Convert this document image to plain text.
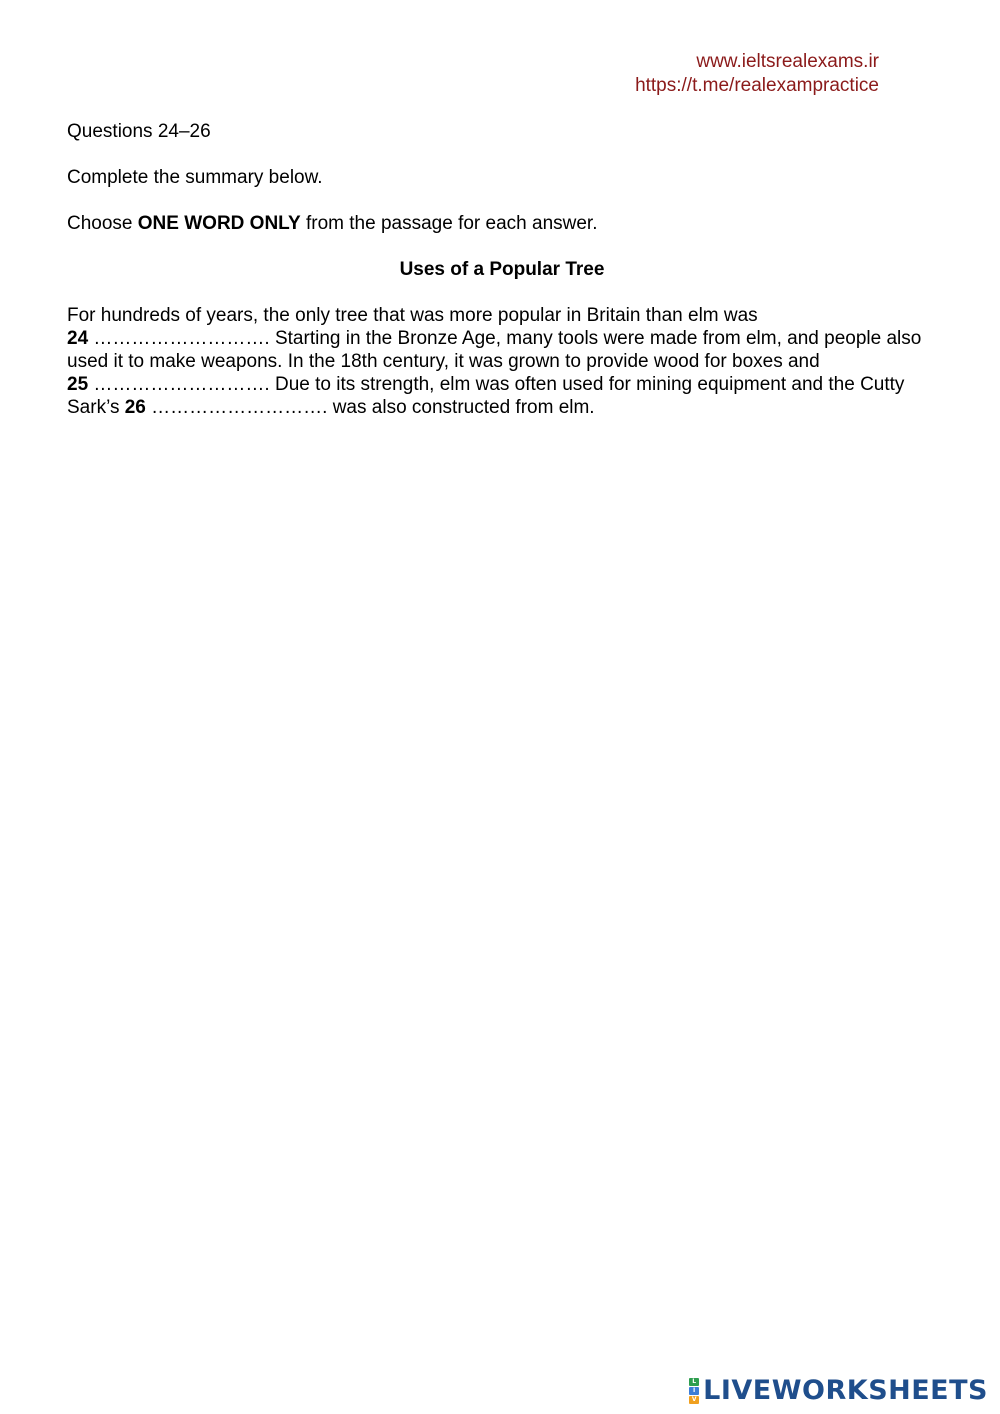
www.ieltsrealexams.ir
https://t.me/realexampractice

Questions 24–26

Complete the summary below.

Choose ONE WORD ONLY from the passage for each answer.

Uses of a Popular Tree

For hundreds of years, the only tree that was more popular in Britain than elm was
24 ………………………. Starting in the Bronze Age, many tools were made from elm, and people also used it to make weapons. In the 18th century, it was grown to provide wood for boxes and
25 ………………………. Due to its strength, elm was often used for mining equipment and the Cutty Sark’s 26 ………………………. was also constructed from elm.

L
I
V LIVEWORKSHEETS
